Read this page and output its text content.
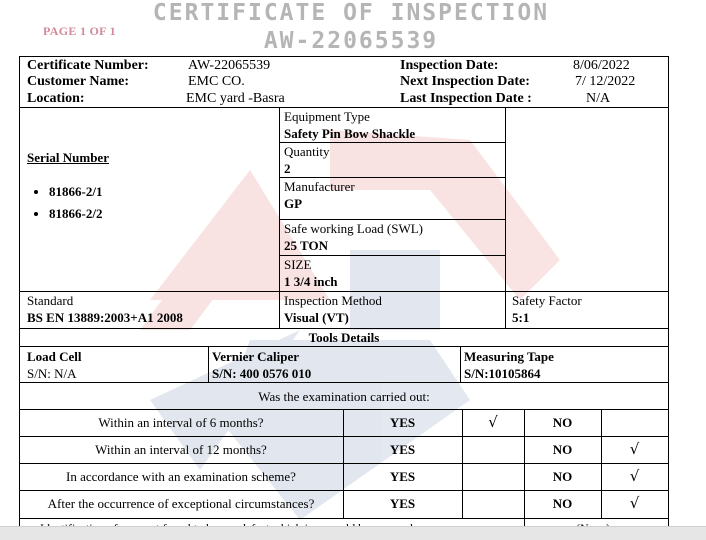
PAGE 1 OF 1
CERTIFICATE OF INSPECTION
AW-22065539
Certificate Number:	AW-22065539
Customer Name:	EMC CO.
Location:	EMC yard -Basra
Inspection Date:	8/06/2022
Next Inspection Date:	7/ 12/2022
Last Inspection Date :	N/A
Serial Number
• 81866-2/1
• 81866-2/2
Equipment Type
Safety Pin Bow Shackle
Quantity
2
Manufacturer
GP
Safe working Load (SWL)
25 TON
SIZE
1 3/4 inch
Standard
BS EN 13889:2003+A1 2008
Inspection Method
Visual (VT)
Safety Factor
5:1
Tools Details
Load Cell
S/N: N/A
Vernier Caliper
S/N: 400 0576 010
Measuring Tape
S/N:10105864
Was the examination carried out:
Within an interval of 6 months?	YES	√	NO
Within an interval of 12 months?	YES	NO	√
In accordance with an examination scheme?	YES	NO	√
After the occurrence of exceptional circumstances?	YES	NO	√
